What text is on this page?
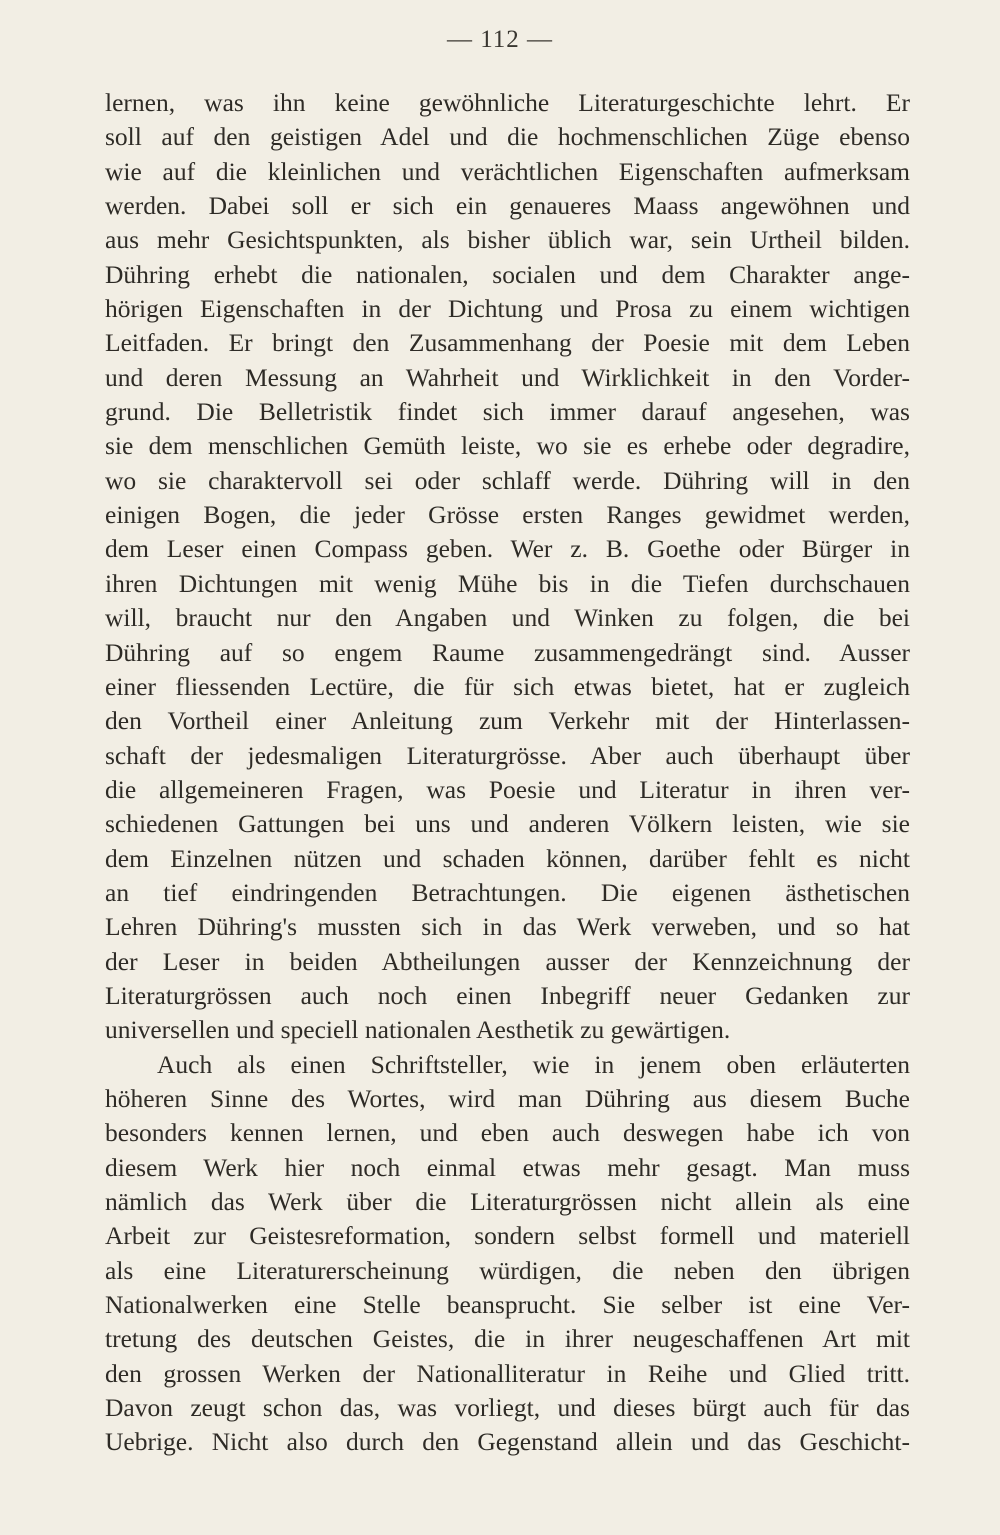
— 112 —
lernen, was ihn keine gewöhnliche Literaturgeschichte lehrt. Er
soll auf den geistigen Adel und die hochmenschlichen Züge ebenso
wie auf die kleinlichen und verächtlichen Eigenschaften aufmerksam
werden. Dabei soll er sich ein genaueres Maass angewöhnen und
aus mehr Gesichtspunkten, als bisher üblich war, sein Urtheil bilden.
Dühring erhebt die nationalen, socialen und dem Charakter ange-
hörigen Eigenschaften in der Dichtung und Prosa zu einem wichtigen
Leitfaden. Er bringt den Zusammenhang der Poesie mit dem Leben
und deren Messung an Wahrheit und Wirklichkeit in den Vorder-
grund. Die Belletristik findet sich immer darauf angesehen, was
sie dem menschlichen Gemüth leiste, wo sie es erhebe oder degradire,
wo sie charaktervoll sei oder schlaff werde. Dühring will in den
einigen Bogen, die jeder Grösse ersten Ranges gewidmet werden,
dem Leser einen Compass geben. Wer z. B. Goethe oder Bürger in
ihren Dichtungen mit wenig Mühe bis in die Tiefen durchschauen
will, braucht nur den Angaben und Winken zu folgen, die bei
Dühring auf so engem Raume zusammengedrängt sind. Ausser
einer fliessenden Lectüre, die für sich etwas bietet, hat er zugleich
den Vortheil einer Anleitung zum Verkehr mit der Hinterlassen-
schaft der jedesmaligen Literaturgrösse. Aber auch überhaupt über
die allgemeineren Fragen, was Poesie und Literatur in ihren ver-
schiedenen Gattungen bei uns und anderen Völkern leisten, wie sie
dem Einzelnen nützen und schaden können, darüber fehlt es nicht
an tief eindringenden Betrachtungen. Die eigenen ästhetischen
Lehren Dühring's mussten sich in das Werk verweben, und so hat
der Leser in beiden Abtheilungen ausser der Kennzeichnung der
Literaturgrössen auch noch einen Inbegriff neuer Gedanken zur
universellen und speciell nationalen Aesthetik zu gewärtigen.
Auch als einen Schriftsteller, wie in jenem oben erläuterten
höheren Sinne des Wortes, wird man Dühring aus diesem Buche
besonders kennen lernen, und eben auch deswegen habe ich von
diesem Werk hier noch einmal etwas mehr gesagt. Man muss
nämlich das Werk über die Literaturgrössen nicht allein als eine
Arbeit zur Geistesreformation, sondern selbst formell und materiell
als eine Literaturerscheinung würdigen, die neben den übrigen
Nationalwerken eine Stelle beansprucht. Sie selber ist eine Ver-
tretung des deutschen Geistes, die in ihrer neugeschaffenen Art mit
den grossen Werken der Nationalliteratur in Reihe und Glied tritt.
Davon zeugt schon das, was vorliegt, und dieses bürgt auch für das
Uebrige. Nicht also durch den Gegenstand allein und das Geschicht-
